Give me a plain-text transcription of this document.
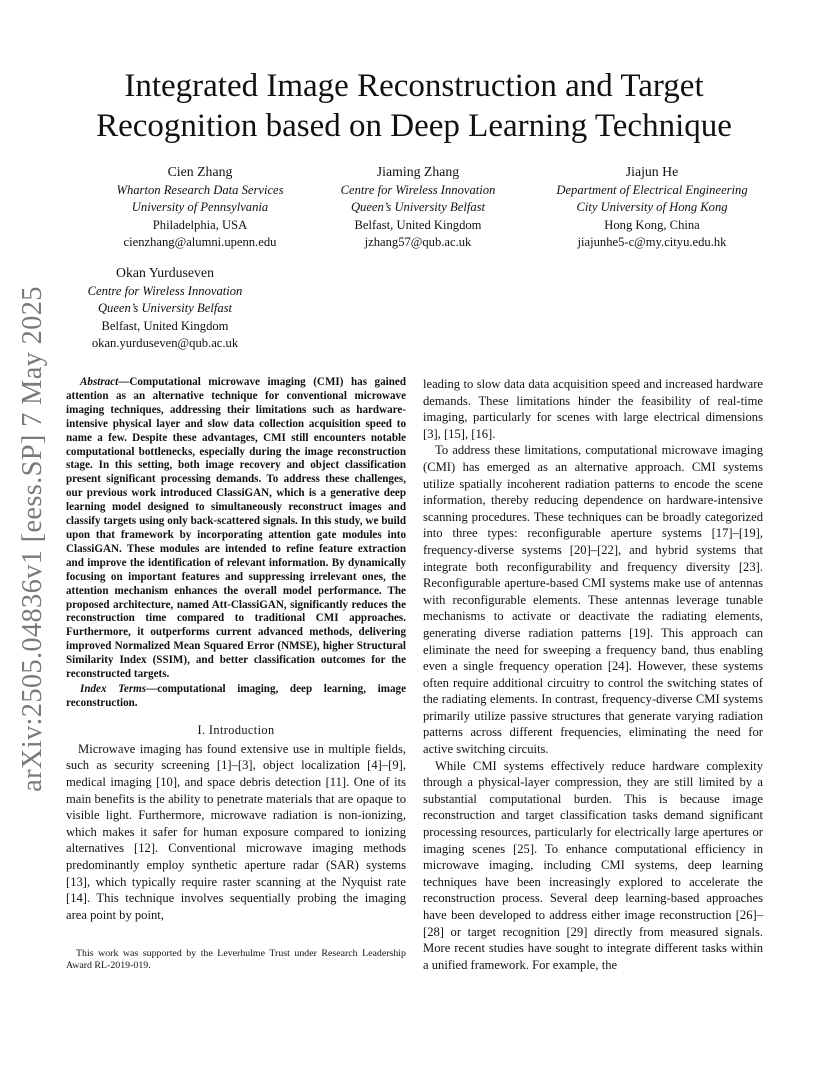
arXiv:2505.04836v1 [eess.SP] 7 May 2025
Integrated Image Reconstruction and Target
Recognition based on Deep Learning Technique
Cien Zhang
Wharton Research Data Services
University of Pennsylvania
Philadelphia, USA
cienzhang@alumni.upenn.edu
Jiaming Zhang
Centre for Wireless Innovation
Queen’s University Belfast
Belfast, United Kingdom
jzhang57@qub.ac.uk
Jiajun He
Department of Electrical Engineering
City University of Hong Kong
Hong Kong, China
jiajunhe5-c@my.cityu.edu.hk
Okan Yurduseven
Centre for Wireless Innovation
Queen’s University Belfast
Belfast, United Kingdom
okan.yurduseven@qub.ac.uk

Abstract—Computational microwave imaging (CMI) has gained attention as an alternative technique for conventional microwave imaging techniques, addressing their limitations such as hardware-intensive physical layer and slow data collection acquisition speed to name a few. Despite these advantages, CMI still encounters notable computational bottlenecks, especially during the image reconstruction stage. In this setting, both image recovery and object classification present significant processing demands. To address these challenges, our previous work introduced ClassiGAN, which is a generative deep learning model designed to simultaneously reconstruct images and classify targets using only back-scattered signals. In this study, we build upon that framework by incorporating attention gate modules into ClassiGAN. These modules are intended to refine feature extraction and improve the identification of relevant information. By dynamically focusing on important features and suppressing irrelevant ones, the attention mechanism enhances the overall model performance. The proposed architecture, named Att-ClassiGAN, significantly reduces the reconstruction time compared to traditional CMI approaches. Furthermore, it outperforms current advanced methods, delivering improved Normalized Mean Squared Error (NMSE), higher Structural Similarity Index (SSIM), and better classification outcomes for the reconstructed targets.

Index Terms—computational imaging, deep learning, image reconstruction.

I. Introduction

Microwave imaging has found extensive use in multiple fields, such as security screening [1]–[3], object localization [4]–[9], medical imaging [10], and space debris detection [11]. One of its main benefits is the ability to penetrate materials that are opaque to visible light. Furthermore, microwave radiation is non-ionizing, which makes it safer for human exposure compared to ionizing alternatives [12]. Conventional microwave imaging methods predominantly employ synthetic aperture radar (SAR) systems [13], which typically require raster scanning at the Nyquist rate [14]. This technique involves sequentially probing the imaging area point by point,

This work was supported by the Leverhulme Trust under Research Leadership Award RL-2019-019.

leading to slow data data acquisition speed and increased hardware demands. These limitations hinder the feasibility of real-time imaging, particularly for scenes with large electrical dimensions [3], [15], [16].

To address these limitations, computational microwave imaging (CMI) has emerged as an alternative approach. CMI systems utilize spatially incoherent radiation patterns to encode the scene information, thereby reducing dependence on hardware-intensive scanning procedures. These techniques can be broadly categorized into three types: reconfigurable aperture systems [17]–[19], frequency-diverse systems [20]–[22], and hybrid systems that integrate both reconfigurability and frequency diversity [23]. Reconfigurable aperture-based CMI systems make use of antennas with reconfigurable elements. These antennas leverage tunable mechanisms to activate or deactivate the radiating elements, generating diverse radiation patterns [19]. This approach can eliminate the need for sweeping a frequency band, thus enabling even a single frequency operation [24]. However, these systems often require additional circuitry to control the switching states of the radiating elements. In contrast, frequency-diverse CMI systems primarily utilize passive structures that generate varying radiation patterns across different frequencies, eliminating the need for active switching circuits.

While CMI systems effectively reduce hardware complexity through a physical-layer compression, they are still limited by a substantial computational burden. This is because image reconstruction and target classification tasks demand significant processing resources, particularly for electrically large apertures or imaging scenes [25]. To enhance computational efficiency in microwave imaging, including CMI systems, deep learning techniques have been increasingly explored to accelerate the reconstruction process. Several deep learning-based approaches have been developed to address either image reconstruction [26]–[28] or target recognition [29] directly from measured signals. More recent studies have sought to integrate different tasks within a unified framework. For example, the
